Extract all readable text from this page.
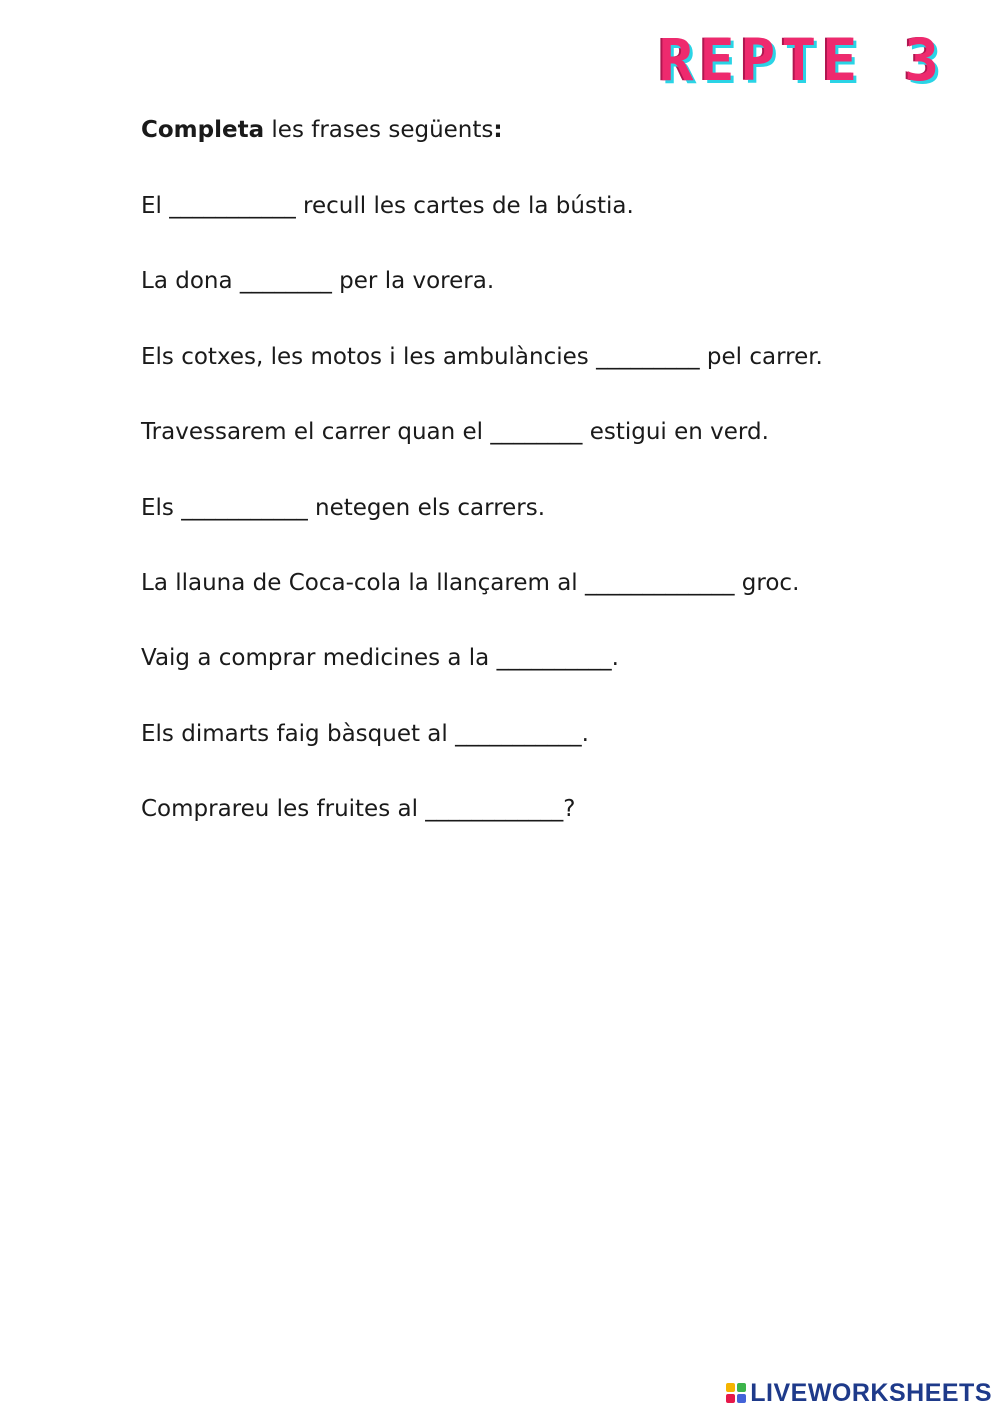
REPTE 3
Completa les frases següents:
El ___________ recull les cartes de la bústia.
La dona ________ per la vorera.
Els cotxes, les motos i les ambulàncies _________ pel carrer.
Travessarem el carrer quan el ________ estigui en verd.
Els ___________ netegen els carrers.
La llauna de Coca-cola la llançarem al _____________ groc.
Vaig a comprar medicines a la __________.
Els dimarts faig bàsquet al ___________.
Comprareu les fruites al ____________?
LIVEWORKSHEETS
